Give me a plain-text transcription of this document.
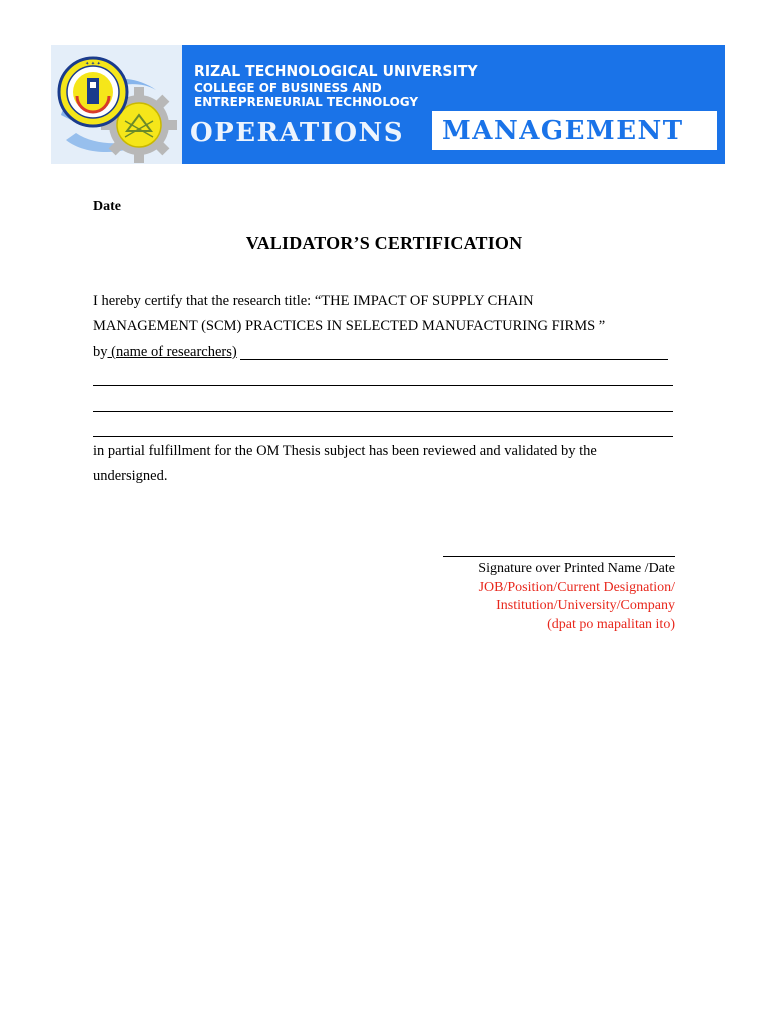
✦ ✦ ✦	RIZAL TECHNOLOGICAL UNIVERSITY
COLLEGE OF BUSINESS AND
ENTREPRENEURIAL TECHNOLOGY
OPERATIONS MANAGEMENT
Date
VALIDATOR’S CERTIFICATION
I hereby certify that the research title: “THE IMPACT OF SUPPLY CHAIN
MANAGEMENT (SCM) PRACTICES IN SELECTED MANUFACTURING FIRMS ”
by (name of researchers)
in partial fulfillment for the OM Thesis subject has been reviewed and validated by the
undersigned.
Signature over Printed Name /Date
JOB/Position/Current Designation/
Institution/University/Company
(dpat po mapalitan ito)
